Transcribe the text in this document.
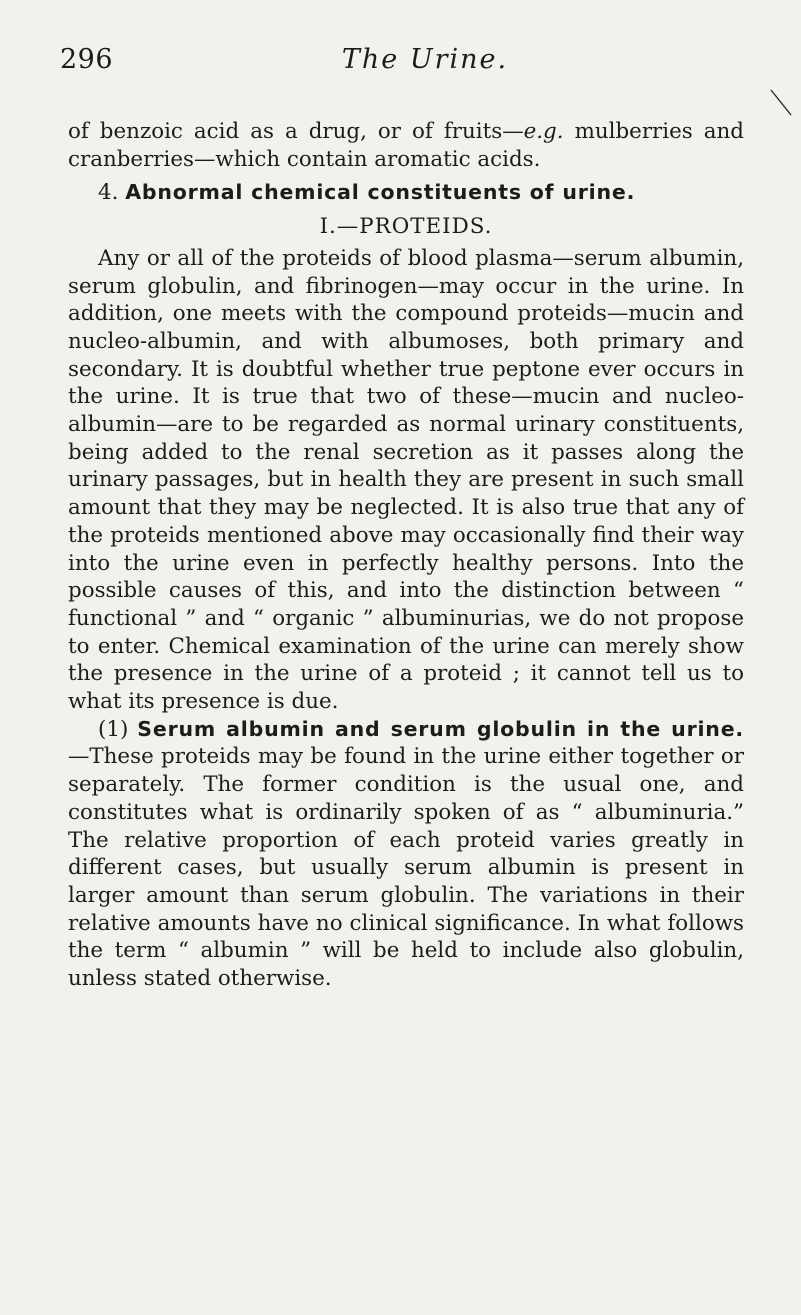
296	The Urine.

of benzoic acid as a drug, or of fruits—e.g. mulberries and cranberries—which contain aromatic acids.

4. Abnormal chemical constituents of urine.

I.—PROTEIDS.

Any or all of the proteids of blood plasma—serum albumin, serum globulin, and fibrinogen—may occur in the urine. In addition, one meets with the compound proteids—mucin and nucleo-albumin, and with albumoses, both primary and secondary. It is doubtful whether true peptone ever occurs in the urine. It is true that two of these—mucin and nucleo-albumin—are to be regarded as normal urinary constituents, being added to the renal secretion as it passes along the urinary passages, but in health they are present in such small amount that they may be neglected. It is also true that any of the proteids mentioned above may occasionally find their way into the urine even in perfectly healthy persons. Into the possible causes of this, and into the distinction between “ functional ” and “ organic ” albuminurias, we do not propose to enter. Chemical examination of the urine can merely show the presence in the urine of a proteid ; it cannot tell us to what its presence is due.

(1) Serum albumin and serum globulin in the urine.—These proteids may be found in the urine either together or separately. The former condition is the usual one, and constitutes what is ordinarily spoken of as “ albuminuria.” The relative proportion of each proteid varies greatly in different cases, but usually serum albumin is present in larger amount than serum globulin. The variations in their relative amounts have no clinical significance. In what follows the term “ albumin ” will be held to include also globulin, unless stated otherwise.
